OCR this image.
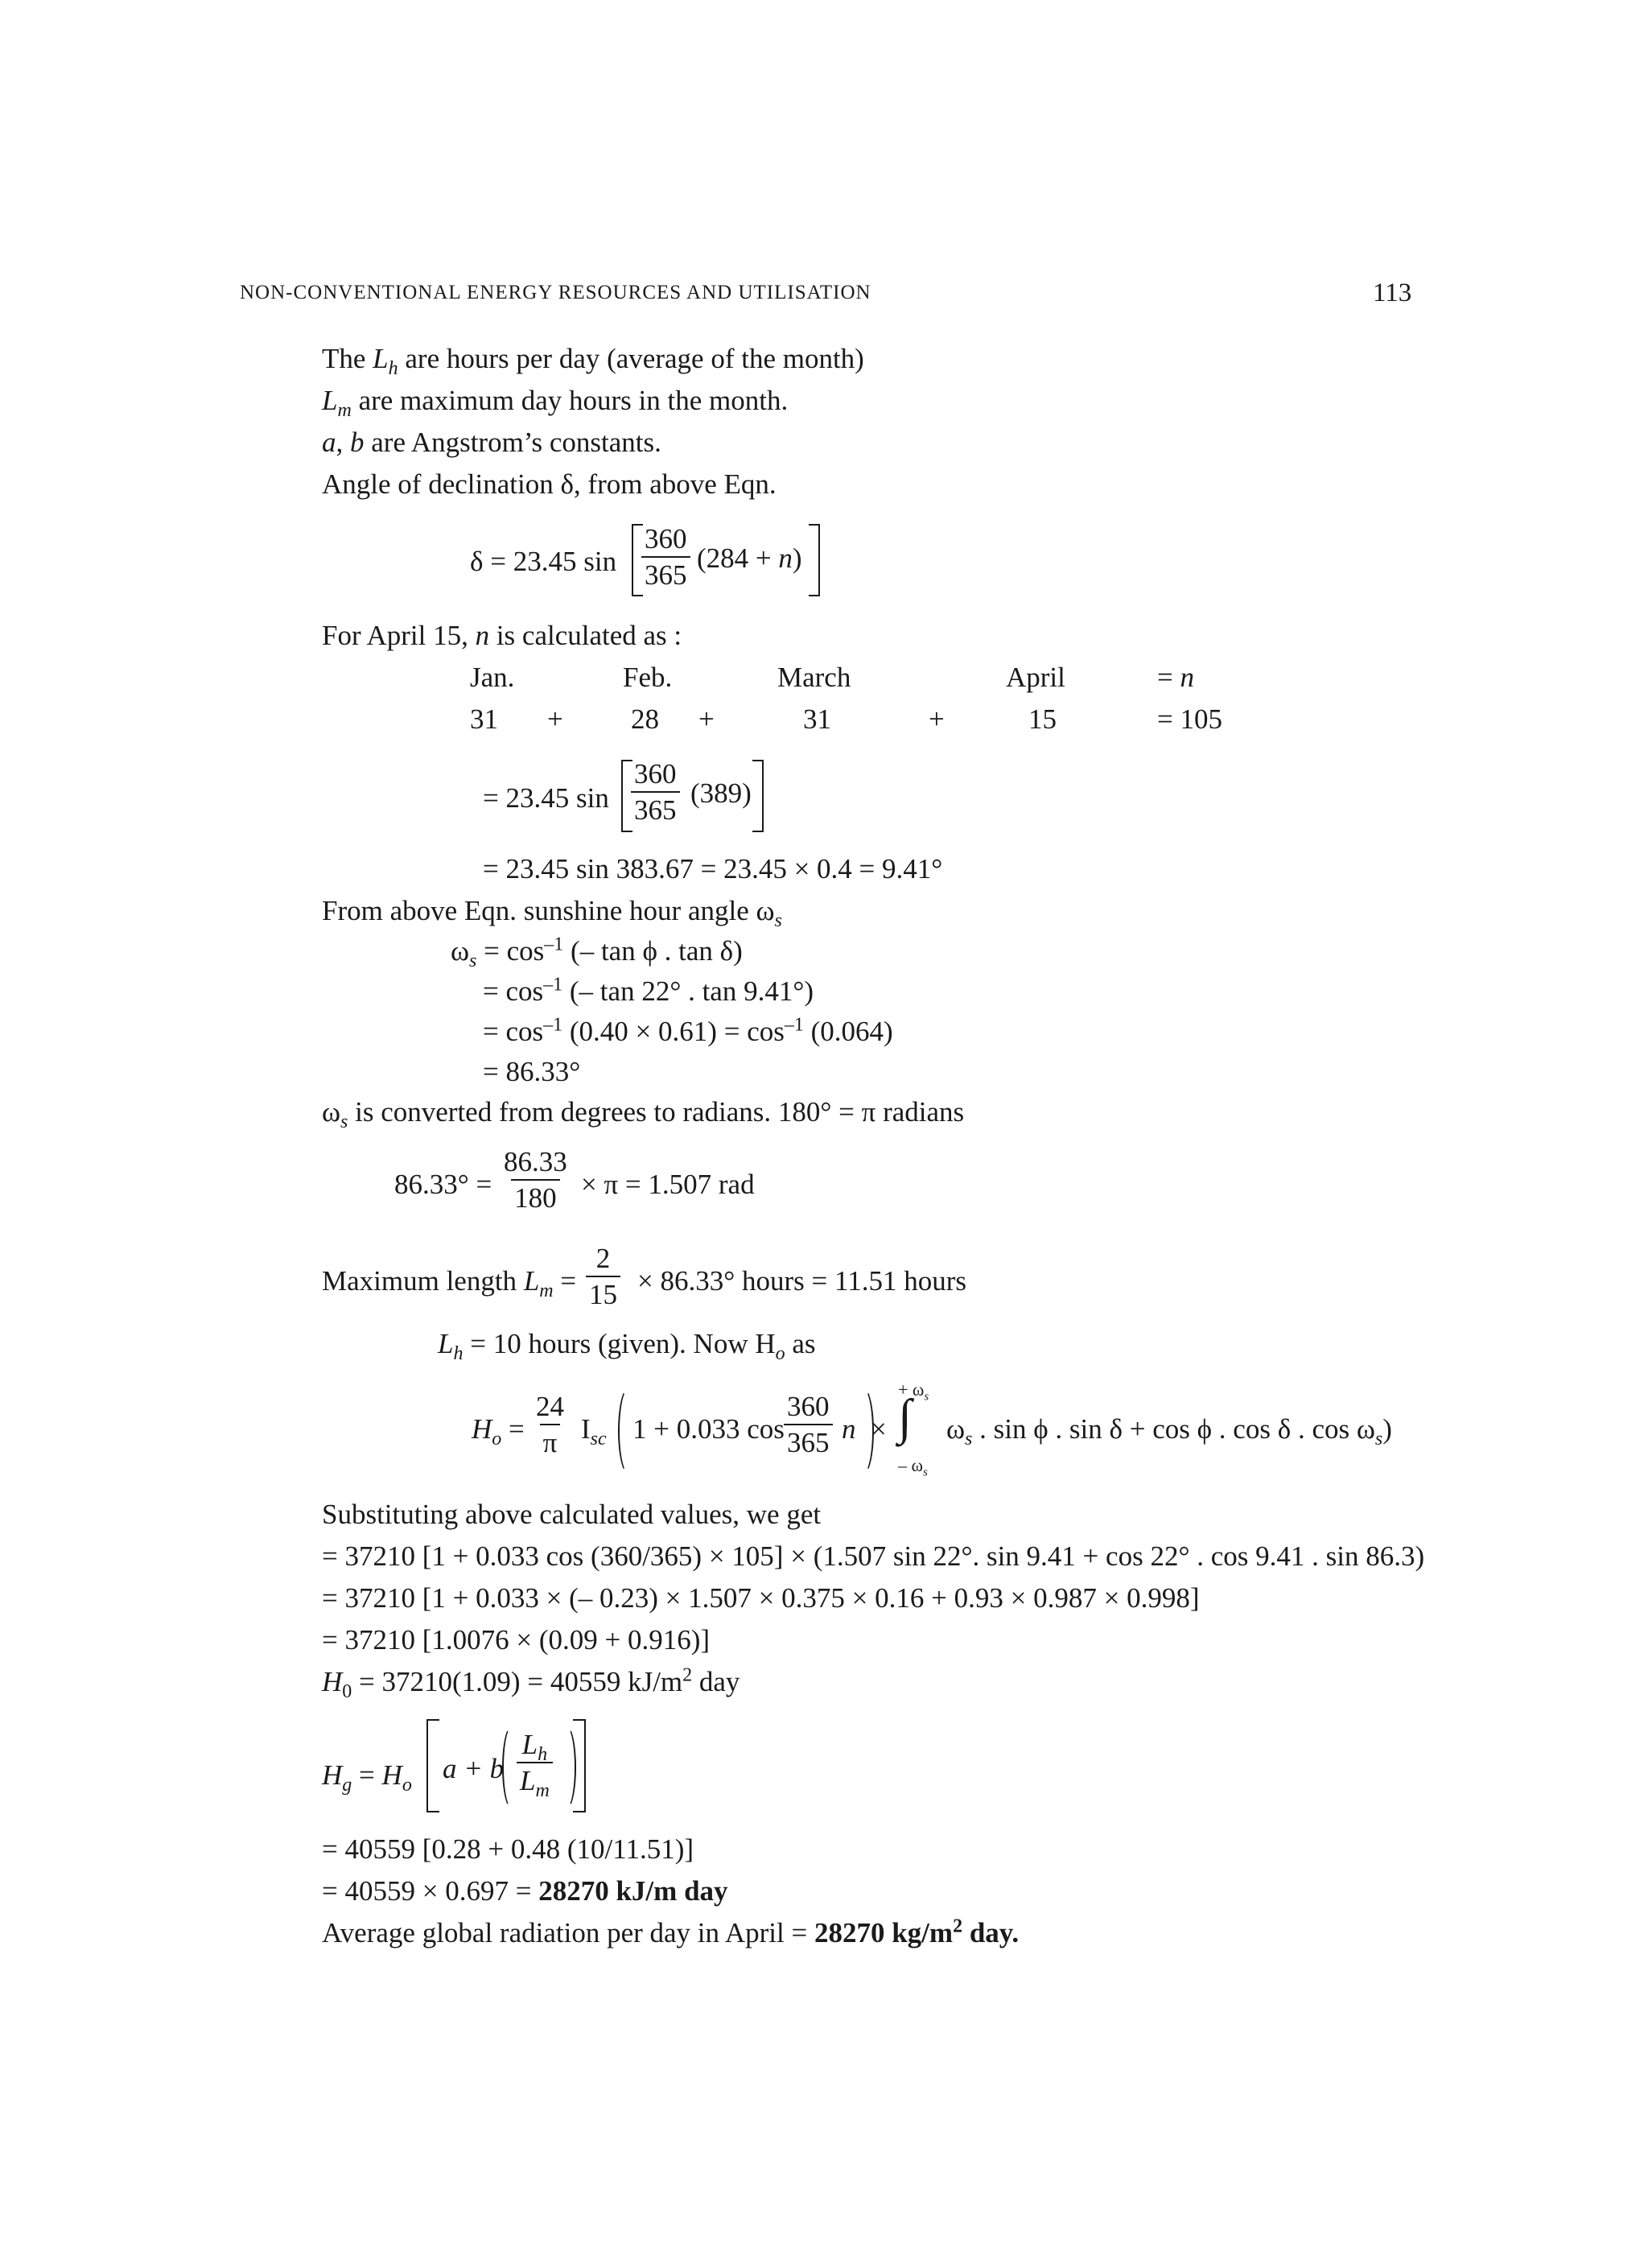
NON-CONVENTIONAL ENERGY RESOURCES AND UTILISATION	113
The $L_h$ are hours per day (average of the month)
$L_m$ are maximum day hours in the month.
a, b are Angstrom’s constants.
Angle of declination δ, from above Eqn.
δ = 23.45 $\sin \frac{360}{365} (284 + n)$
For April 15, n is calculated as :
Jan.	Feb.	March	April	= n
31 + 28 +	31	+	15	= 105
= 23.45 $\sin \frac{360}{365} (389)$
= 23.45 sin 383.67 = 23.45 × 0.4 = 9.41°
From above Eqn. sunshine hour angle $\omega_s$
$\omega_s = \cos^{-1}$ (– tan ϕ . tan δ)
= $\cos^{-1}$ (– tan 22° . tan 9.41°)
= $\cos^{-1} (0.40 \times 0.61) = \cos^{-1} (0.064)$
= 86.33°
$\omega_s$ is converted from degrees to radians. 180° = π radians
$86.33^\circ = \frac{86.33}{180} \times \pi = 1.507$ rad
Maximum length $L_m = \frac{2}{15} \times 86.33^\circ$ hours = 11.51 hours
$L_h = 10$ hours (given). Now $H_o$ as
$H_o = \frac{24}{\pi} I_{sc}$ 1 + 0.033 $\cos \frac{360}{365}$ n ×
+ $\omega_s$
∫
– $\omega_s$
$\omega_s$ . sin ϕ . sin δ + cos ϕ . cos δ . $\cos \omega_s$)
Substituting above calculated values, we get
= 37210 [1 + 0.033 cos (360/365) × 105] × (1.507 sin 22°. sin 9.41 + cos 22° . cos 9.41 . sin 86.3)
= 37210 [1 + 0.033 × (– 0.23) × 1.507 × 0.375 × 0.16 + 0.93 × 0.987 × 0.998]
= 37210 [1.0076 × (0.09 + 0.916)]
$H_0 = 37210(1.09) = 40559$ $kJ/m^2$ day
$H_g = H_o$
a + b $\frac{L_h}{L_m}$
= 40559 [0.28 + 0.48 (10/11.51)]
= 40559 × 0.697 = 28270 kJ/m day
Average global radiation per day in April = 28270 $kg/m^2$ day.
